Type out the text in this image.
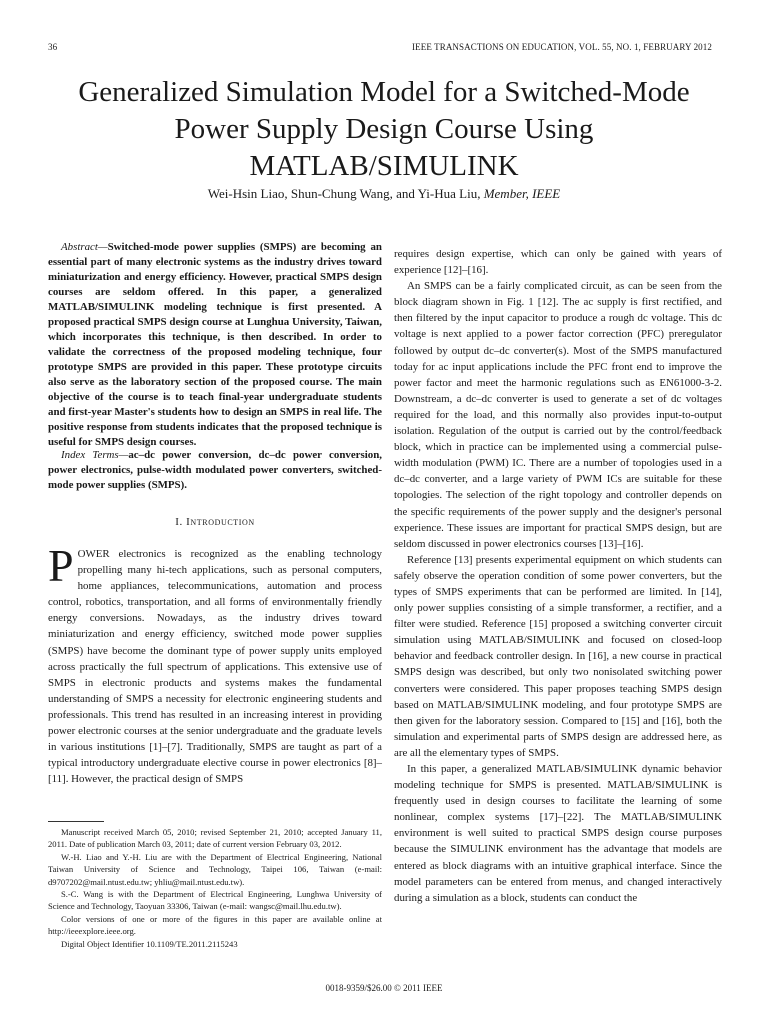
36	IEEE TRANSACTIONS ON EDUCATION, VOL. 55, NO. 1, FEBRUARY 2012
Generalized Simulation Model for a Switched-Mode Power Supply Design Course Using MATLAB/SIMULINK
Wei-Hsin Liao, Shun-Chung Wang, and Yi-Hua Liu, Member, IEEE

Abstract—Switched-mode power supplies (SMPS) are becoming an essential part of many electronic systems as the industry drives toward miniaturization and energy efficiency. However, practical SMPS design courses are seldom offered. In this paper, a generalized MATLAB/SIMULINK modeling technique is first presented. A proposed practical SMPS design course at Lunghua University, Taiwan, which incorporates this technique, is then described. In order to validate the correctness of the proposed modeling technique, four prototype SMPS are provided in this paper. These prototype circuits also serve as the laboratory section of the proposed course. The main objective of the course is to teach final-year undergraduate students and first-year Master's students how to design an SMPS in real life. The positive response from students indicates that the proposed technique is useful for SMPS design courses.

Index Terms—ac–dc power conversion, dc–dc power conversion, power electronics, pulse-width modulated power converters, switched-mode power supplies (SMPS).

I. Introduction

POWER electronics is recognized as the enabling technology propelling many hi-tech applications, such as personal computers, home appliances, telecommunications, automation and process control, robotics, transportation, and all forms of environmentally friendly energy conversions. Nowadays, as the industry drives toward miniaturization and energy efficiency, switched mode power supplies (SMPS) have become the dominant type of power supply units employed across practically the full spectrum of applications. This extensive use of SMPS in electronic products and systems makes the fundamental understanding of SMPS a necessity for electronic engineering students and professionals. This trend has resulted in an increasing interest in providing power electronic courses at the senior undergraduate and the graduate levels in various institutions [1]–[7]. Traditionally, SMPS are taught as part of a typical introductory undergraduate elective course in power electronics [8]–[11]. However, the practical design of SMPS

Manuscript received March 05, 2010; revised September 21, 2010; accepted January 11, 2011. Date of publication March 03, 2011; date of current version February 03, 2012.

W.-H. Liao and Y.-H. Liu are with the Department of Electrical Engineering, National Taiwan University of Science and Technology, Taipei 106, Taiwan (e-mail: d9707202@mail.ntust.edu.tw; yhliu@mail.ntust.edu.tw).

S.-C. Wang is with the Department of Electrical Engineering, Lunghwa University of Science and Technology, Taoyuan 33306, Taiwan (e-mail: wangsc@mail.lhu.edu.tw).

Color versions of one or more of the figures in this paper are available online at http://ieeexplore.ieee.org.

Digital Object Identifier 10.1109/TE.2011.2115243

requires design expertise, which can only be gained with years of experience [12]–[16].

An SMPS can be a fairly complicated circuit, as can be seen from the block diagram shown in Fig. 1 [12]. The ac supply is first rectified, and then filtered by the input capacitor to produce a rough dc voltage. This dc voltage is next applied to a power factor correction (PFC) preregulator followed by output dc–dc converter(s). Most of the SMPS manufactured today for ac input applications include the PFC front end to improve the power factor and meet the harmonic regulations such as EN61000-3-2. Downstream, a dc–dc converter is used to generate a set of dc voltages required for the load, and this normally also provides input-to-output isolation. Regulation of the output is carried out by the control/feedback block, which in practice can be implemented using a commercial pulse-width modulation (PWM) IC. There are a number of topologies used in a dc–dc converter, and a large variety of PWM ICs are suitable for these topologies. The selection of the right topology and controller depends on the specific requirements of the power supply and the designer's personal experience. These issues are important for practical SMPS design, but are seldom discussed in power electronics courses [13]–[16].

Reference [13] presents experimental equipment on which students can safely observe the operation condition of some power converters, but the types of SMPS experiments that can be performed are limited. In [14], only power supplies consisting of a simple transformer, a rectifier, and a filter were studied. Reference [15] proposed a switching converter circuit simulation using MATLAB/SIMULINK and focused on closed-loop behavior and feedback controller design. In [16], a new course in practical SMPS design was described, but only two nonisolated switching power converters were considered. This paper proposes teaching SMPS design based on MATLAB/SIMULINK modeling, and four prototype SMPS are then given for the laboratory session. Compared to [15] and [16], both the simulation and experimental parts of SMPS design are addressed here, as are all the elementary types of SMPS.

In this paper, a generalized MATLAB/SIMULINK dynamic behavior modeling technique for SMPS is presented. MATLAB/SIMULINK is frequently used in design courses to facilitate the learning of some nonlinear, complex systems [17]–[22]. The MATLAB/SIMULINK environment is well suited to practical SMPS design course purposes because the SIMULINK environment has the advantage that models are entered as block diagrams with an intuitive graphical interface. Since the model parameters can be entered from menus, and changed interactively during a simulation as a block, students can conduct the

0018-9359/$26.00 © 2011 IEEE
